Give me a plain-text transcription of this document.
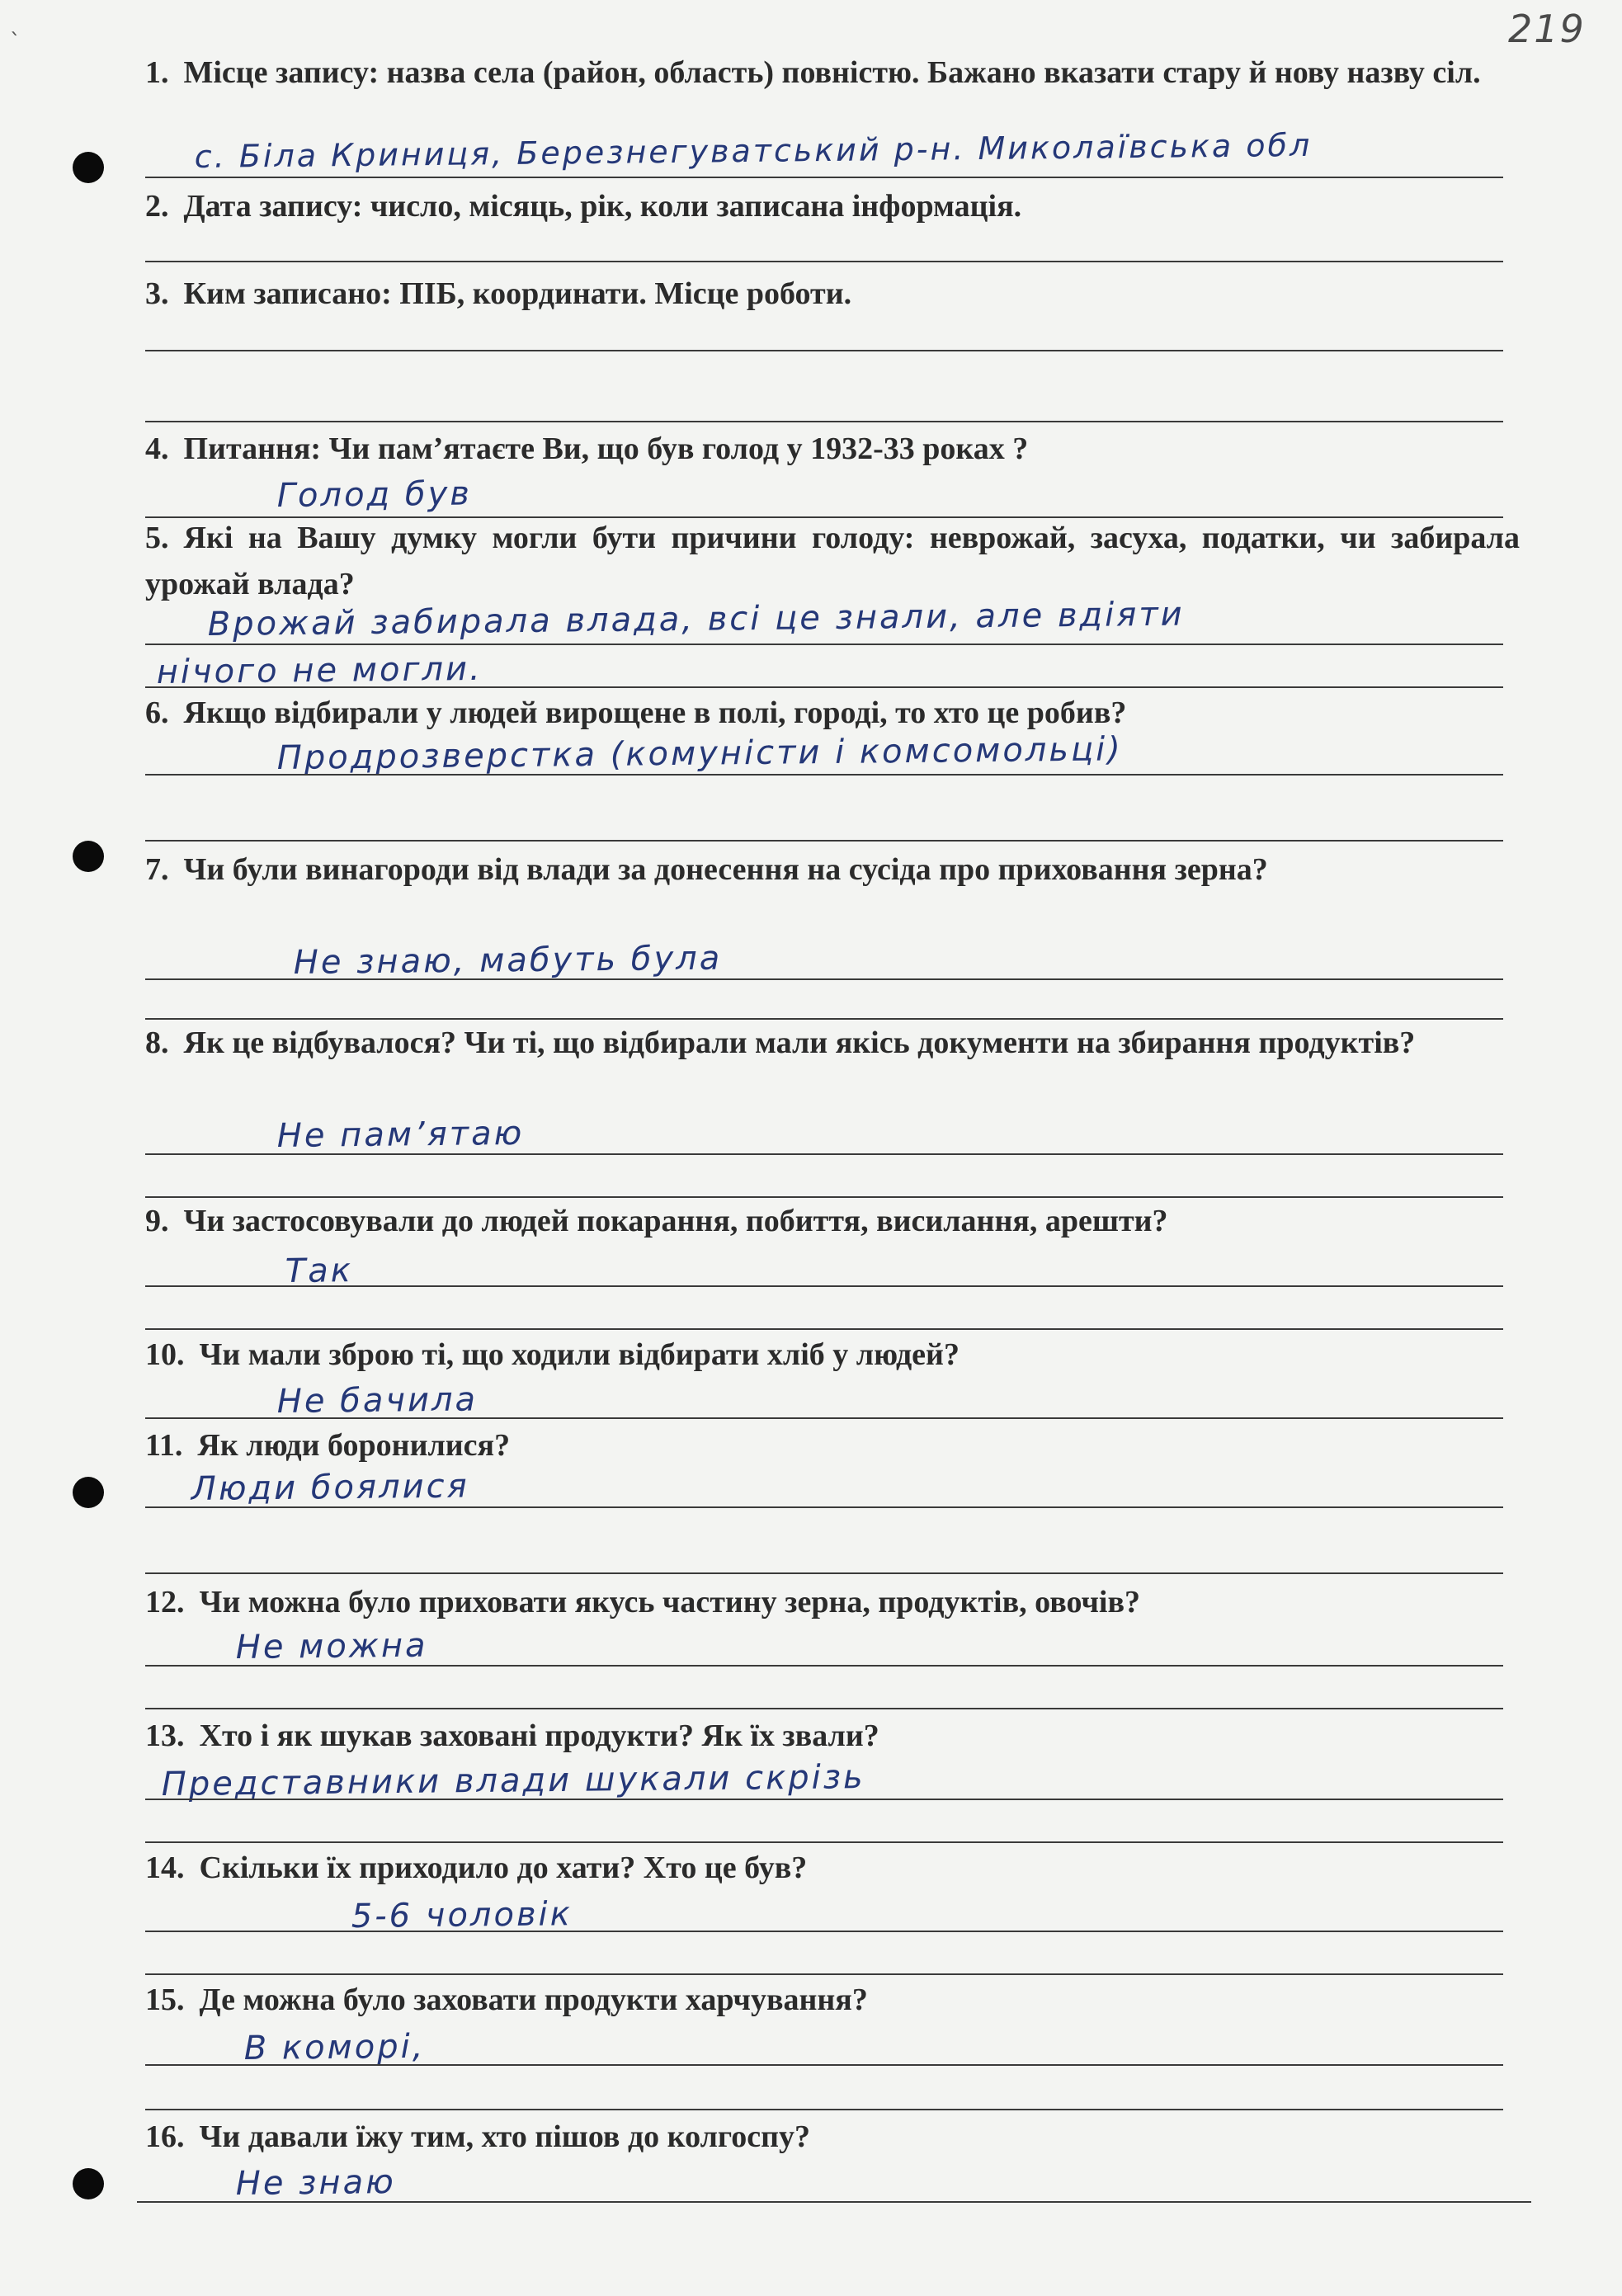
`	219

1. Місце запису: назва села (район, область) повністю. Бажано вказати стару й нову назву сіл.

с. Біла Криниця, Березнегуватський р-н. Миколаївська обл

2. Дата запису: число, місяць, рік, коли записана інформація.

3. Ким записано: ПІБ, координати. Місце роботи.

4. Питання: Чи пам’ятаєте Ви, що був голод у 1932-33 роках ?

Голод був

5. Які на Вашу думку могли бути причини голоду: неврожай, засуха, податки, чи забирала урожай влада?

Врожай забирала влада, всі це знали, але вдіяти
нічого не могли.

6. Якщо відбирали у людей вирощене в полі, городі, то хто це робив?

Продрозверстка (комуністи і комсомольці)

7. Чи були винагороди від влади за донесення на сусіда про приховання зерна?

Не знаю, мабуть була

8. Як це відбувалося? Чи ті, що відбирали мали якісь документи на збирання продуктів?

Не пам’ятаю

9. Чи застосовували до людей покарання, побиття, висилання, арешти?

Так

10. Чи мали зброю ті, що ходили відбирати хліб у людей?

Не бачила

11. Як люди боронилися?

Люди боялися

12. Чи можна було приховати якусь частину зерна, продуктів, овочів?

Не можна

13. Хто і як шукав заховані продукти? Як їх звали?

Представники влади шукали скрізь

14. Скільки їх приходило до хати? Хто це був?

5-6 чоловік

15. Де можна було заховати продукти харчування?

В коморі,

16. Чи давали їжу тим, хто пішов до колгоспу?

Не знаю
